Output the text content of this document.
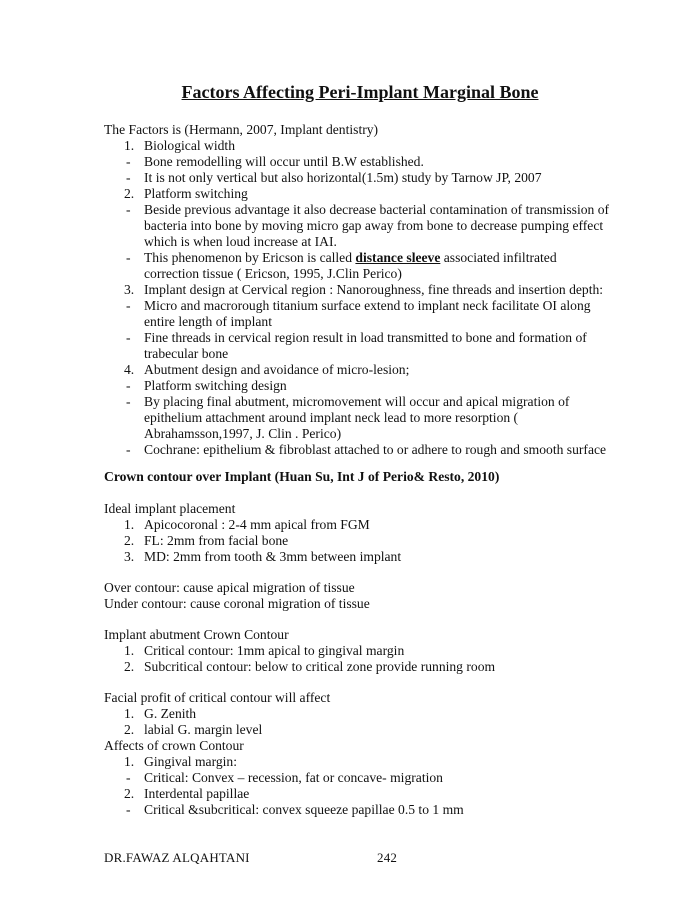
Factors Affecting Peri-Implant Marginal Bone
The Factors is (Hermann, 2007, Implant dentistry)
1. Biological width
- Bone remodelling will occur until B.W established.
- It is not only vertical but also horizontal(1.5m) study by Tarnow JP, 2007
2. Platform switching
- Beside previous advantage it also decrease bacterial contamination of transmission of
bacteria into bone by moving micro gap away from bone to decrease pumping effect
which is when loud increase at IAI.
- This phenomenon by Ericson is called distance sleeve associated infiltrated
correction tissue ( Ericson, 1995, J.Clin Perico)
3. Implant design at Cervical region : Nanoroughness, fine threads and insertion depth:
- Micro and macrorough titanium surface extend to implant neck facilitate OI along
entire length of implant
- Fine threads in cervical region result in load transmitted to bone and formation of
trabecular bone
4. Abutment design and avoidance of micro-lesion;
- Platform switching design
- By placing final abutment, micromovement will occur and apical migration of
epithelium attachment around implant neck lead to more resorption (
Abrahamsson,1997, J. Clin . Perico)
- Cochrane: epithelium & fibroblast attached to or adhere to rough and smooth surface
Crown contour over Implant (Huan Su, Int J of Perio& Resto, 2010)
Ideal implant placement
1. Apicocoronal : 2-4 mm apical from FGM
2. FL: 2mm from facial bone
3. MD: 2mm from tooth & 3mm between implant
Over contour: cause apical migration of tissue
Under contour: cause coronal migration of tissue
Implant abutment Crown Contour
1. Critical contour: 1mm apical to gingival margin
2. Subcritical contour: below to critical zone provide running room
Facial profit of critical contour will affect
1. G. Zenith
2. labial G. margin level
Affects of crown Contour
1. Gingival margin:
- Critical: Convex – recession, fat or concave- migration
2. Interdental papillae
- Critical &subcritical: convex squeeze papillae 0.5 to 1 mm
DR.FAWAZ ALQAHTANI	242
